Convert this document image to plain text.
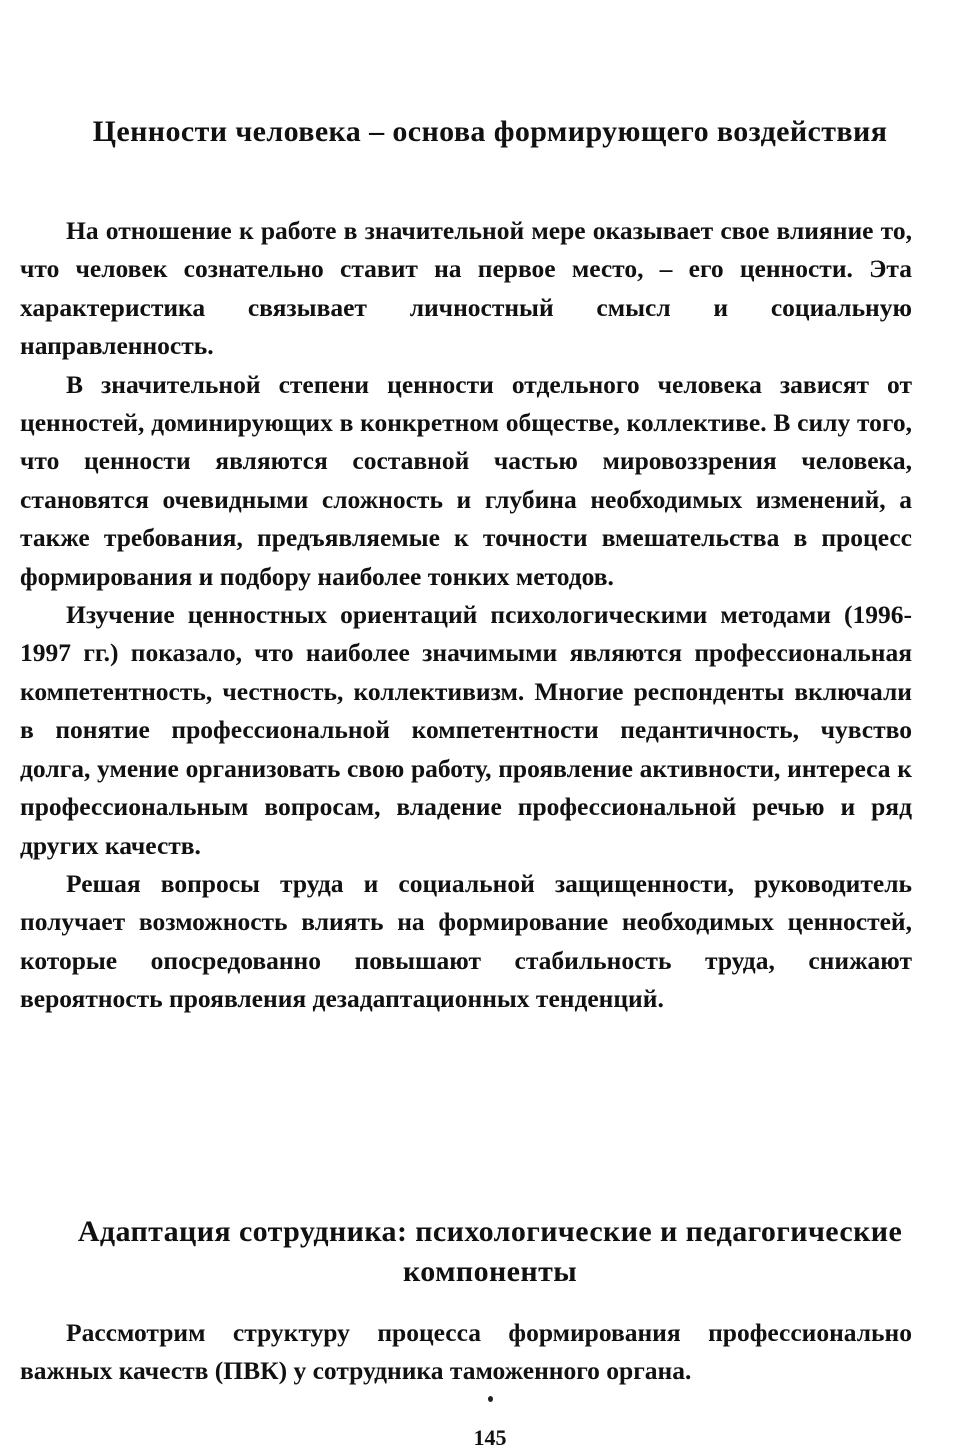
Ценности человека – основа формирующего воздействия

На отношение к работе в значительной мере оказывает свое влияние то, что человек сознательно ставит на первое место, – его ценности. Эта характеристика связывает личностный смысл и социальную направленность.

В значительной степени ценности отдельного человека зависят от ценностей, доминирующих в конкретном обществе, коллективе. В силу того, что ценности являются составной частью мировоззрения человека, становятся очевидными сложность и глубина необходимых изменений, а также требования, предъявляемые к точности вмешательства в процесс формирования и подбору наиболее тонких методов.

Изучение ценностных ориентаций психологическими методами (1996-1997 гг.) показало, что наиболее значимыми являются профессиональная компетентность, честность, коллективизм. Многие респонденты включали в понятие профессиональной компетентности педантичность, чувство долга, умение организовать свою работу, проявление активности, интереса к профессиональным вопросам, владение профессиональной речью и ряд других качеств.

Решая вопросы труда и социальной защищенности, руководитель получает возможность влиять на формирование необходимых ценностей, которые опосредованно повышают стабильность труда, снижают вероятность проявления дезадаптационных тенденций.

Адаптация сотрудника: психологические и педагогические компоненты

Рассмотрим структуру процесса формирования профессионально важных качеств (ПВК) у сотрудника таможенного органа.

145
